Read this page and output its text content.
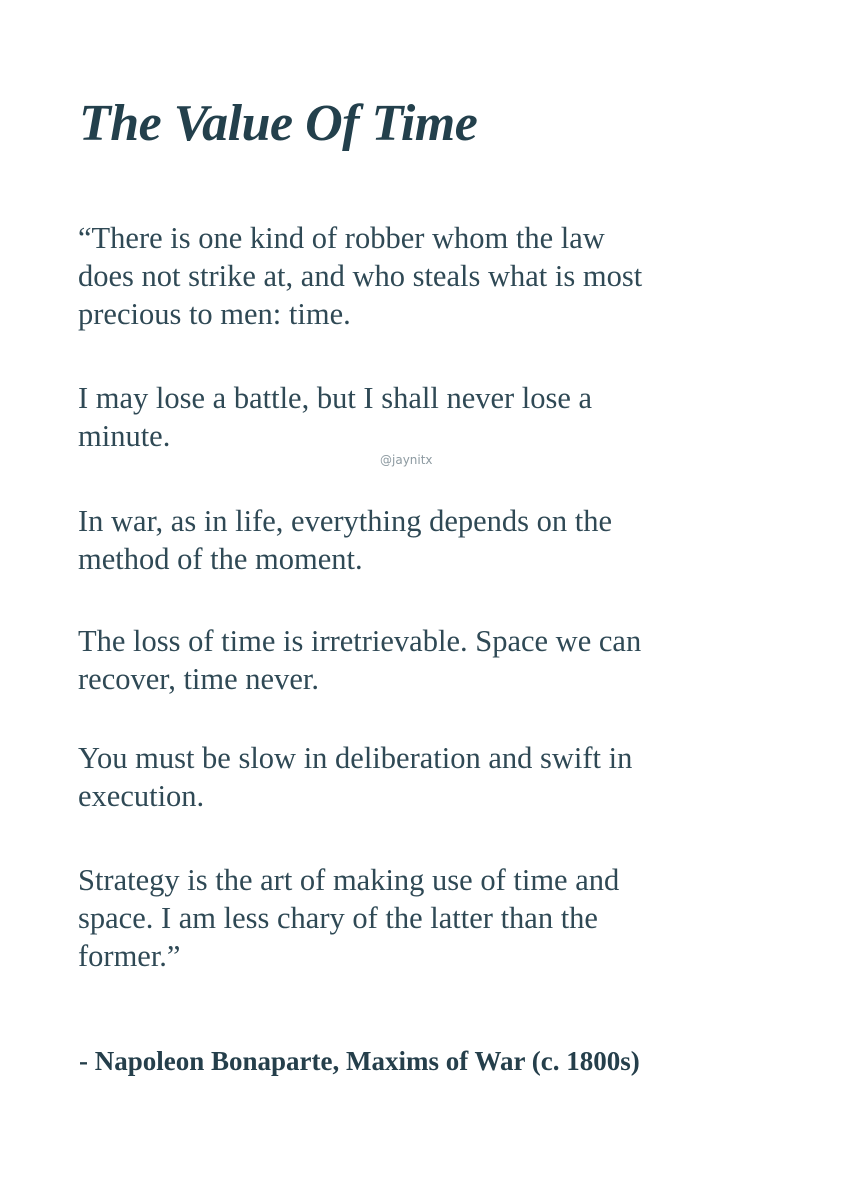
The Value Of Time

“There is one kind of robber whom the law
does not strike at, and who steals what is most
precious to men: time.

I may lose a battle, but I shall never lose a
minute.

@jaynitx

In war, as in life, everything depends on the
method of the moment.

The loss of time is irretrievable. Space we can
recover, time never.

You must be slow in deliberation and swift in
execution.

Strategy is the art of making use of time and
space. I am less chary of the latter than the
former.”

- Napoleon Bonaparte, Maxims of War (c. 1800s)
